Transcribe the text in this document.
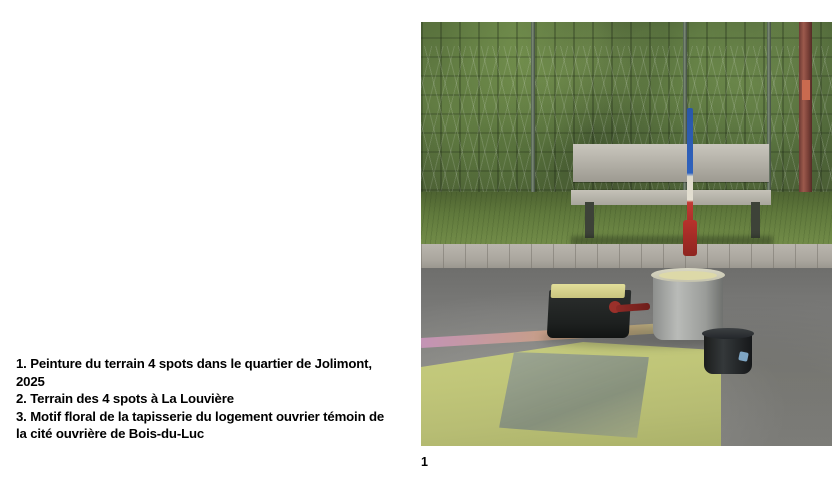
1. Peinture du terrain 4 spots dans le quartier de Jolimont, 2025
2. Terrain des 4 spots à La Louvière
3. Motif floral de la tapisserie du logement ouvrier témoin de la cité ouvrière de Bois-du-Luc
1
